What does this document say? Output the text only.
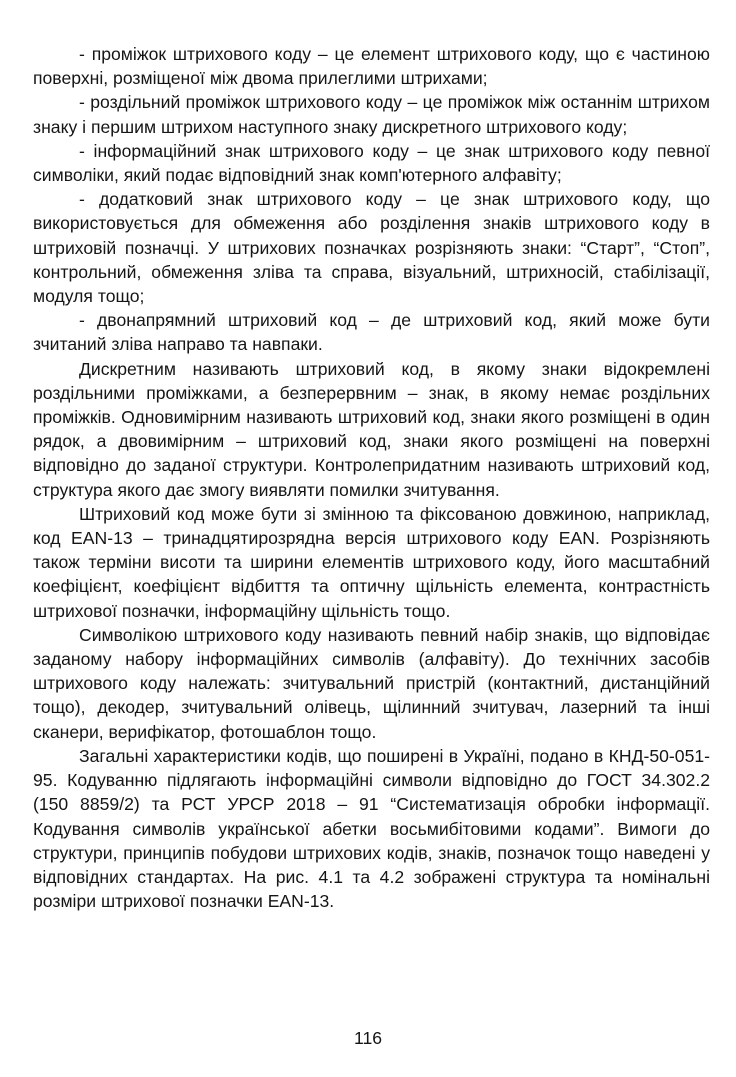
- проміжок штрихового коду – це елемент штрихового коду, що є частиною поверхні, розміщеної між двома прилеглими штрихами;

- роздільний проміжок штрихового коду – це проміжок між останнім штрихом знаку і першим штрихом наступного знаку дискретного штрихового коду;

- інформаційний знак штрихового коду – це знак штрихового коду певної символіки, який подає відповідний знак комп'ютерного алфавіту;

- додатковий знак штрихового коду – це знак штрихового коду, що використовується для обмеження або розділення знаків штрихового коду в штриховій позначці. У штрихових позначках розрізняють знаки: “Старт”, “Стоп”, контрольний, обмеження зліва та справа, візуальний, штрихносій, стабілізації, модуля тощо;

- двонапрямний штриховий код – де штриховий код, який може бути зчитаний зліва направо та навпаки.

Дискретним називають штриховий код, в якому знаки відокремлені роздільними проміжками, а безперервним – знак, в якому немає роздільних проміжків. Одновимірним називають штриховий код, знаки якого розміщені в один рядок, а двовимірним – штриховий код, знаки якого розміщені на поверхні відповідно до заданої структури. Контролепридатним називають штриховий код, структура якого дає змогу виявляти помилки зчитування.

Штриховий код може бути зі змінною та фіксованою довжиною, наприклад, код EAN-13 – тринадцятирозрядна версія штрихового коду EAN. Розрізняють також терміни висоти та ширини елементів штрихового коду, його масштабний коефіцієнт, коефіцієнт відбиття та оптичну щільність елемента, контрастність штрихової позначки, інформаційну щільність тощо.

Символікою штрихового коду називають певний набір знаків, що відповідає заданому набору інформаційних символів (алфавіту). До технічних засобів штрихового коду належать: зчитувальний пристрій (контактний, дистанційний тощо), декодер, зчитувальний олівець, щілинний зчитувач, лазерний та інші сканери, верифікатор, фотошаблон тощо.

Загальні характеристики кодів, що поширені в Україні, подано в КНД-50-051-95. Кодуванню підлягають інформаційні символи відповідно до ГОСТ 34.302.2 (150 8859/2) та РСТ УРСР 2018 – 91 “Систематизація обробки інформації. Кодування символів української абетки восьмибітовими кодами”. Вимоги до структури, принципів побудови штрихових кодів, знаків, позначок тощо наведені у відповідних стандартах. На рис. 4.1 та 4.2 зображені структура та номінальні розміри штрихової позначки EAN-13.

116
